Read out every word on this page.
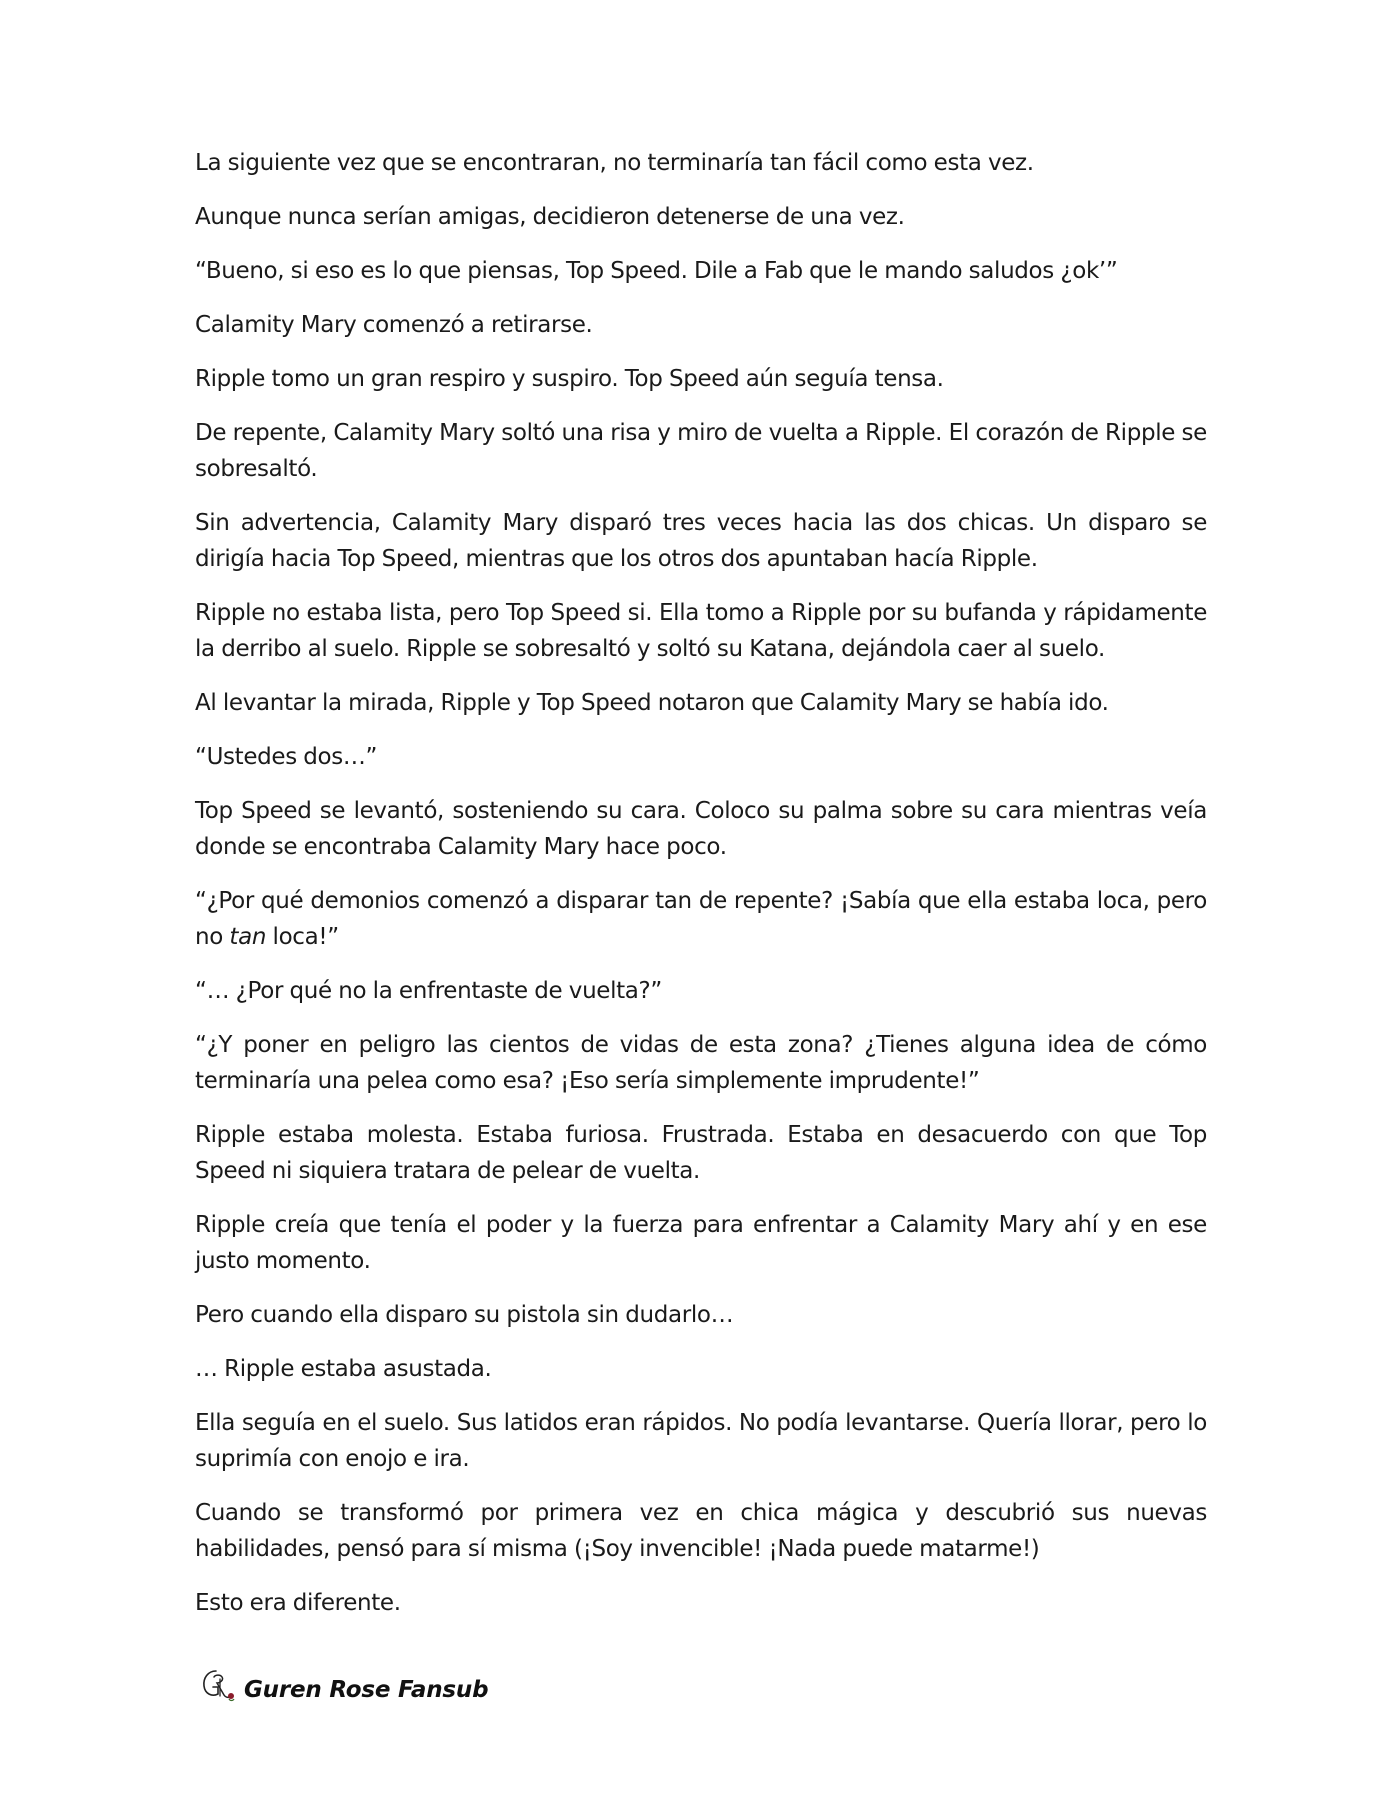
La siguiente vez que se encontraran, no terminaría tan fácil como esta vez.

Aunque nunca serían amigas, decidieron detenerse de una vez.

“Bueno, si eso es lo que piensas, Top Speed. Dile a Fab que le mando saludos ¿ok’”

Calamity Mary comenzó a retirarse.

Ripple tomo un gran respiro y suspiro. Top Speed aún seguía tensa.

De repente, Calamity Mary soltó una risa y miro de vuelta a Ripple. El corazón de Ripple se sobresaltó.

Sin advertencia, Calamity Mary disparó tres veces hacia las dos chicas. Un disparo se dirigía hacia Top Speed, mientras que los otros dos apuntaban hacía Ripple.

Ripple no estaba lista, pero Top Speed si. Ella tomo a Ripple por su bufanda y rápidamente la derribo al suelo. Ripple se sobresaltó y soltó su Katana, dejándola caer al suelo.

Al levantar la mirada, Ripple y Top Speed notaron que Calamity Mary se había ido.

“Ustedes dos…”

Top Speed se levantó, sosteniendo su cara. Coloco su palma sobre su cara mientras veía donde se encontraba Calamity Mary hace poco.

“¿Por qué demonios comenzó a disparar tan de repente? ¡Sabía que ella estaba loca, pero no tan loca!”

“… ¿Por qué no la enfrentaste de vuelta?”

“¿Y poner en peligro las cientos de vidas de esta zona? ¿Tienes alguna idea de cómo terminaría una pelea como esa? ¡Eso sería simplemente imprudente!”

Ripple estaba molesta. Estaba furiosa. Frustrada. Estaba en desacuerdo con que Top Speed ni siquiera tratara de pelear de vuelta.

Ripple creía que tenía el poder y la fuerza para enfrentar a Calamity Mary ahí y en ese justo momento.

Pero cuando ella disparo su pistola sin dudarlo…

… Ripple estaba asustada.

Ella seguía en el suelo. Sus latidos eran rápidos. No podía levantarse. Quería llorar, pero lo suprimía con enojo e ira.

Cuando se transformó por primera vez en chica mágica y descubrió sus nuevas habilidades, pensó para sí misma (¡Soy invencible! ¡Nada puede matarme!)

Esto era diferente.

Guren Rose Fansub
